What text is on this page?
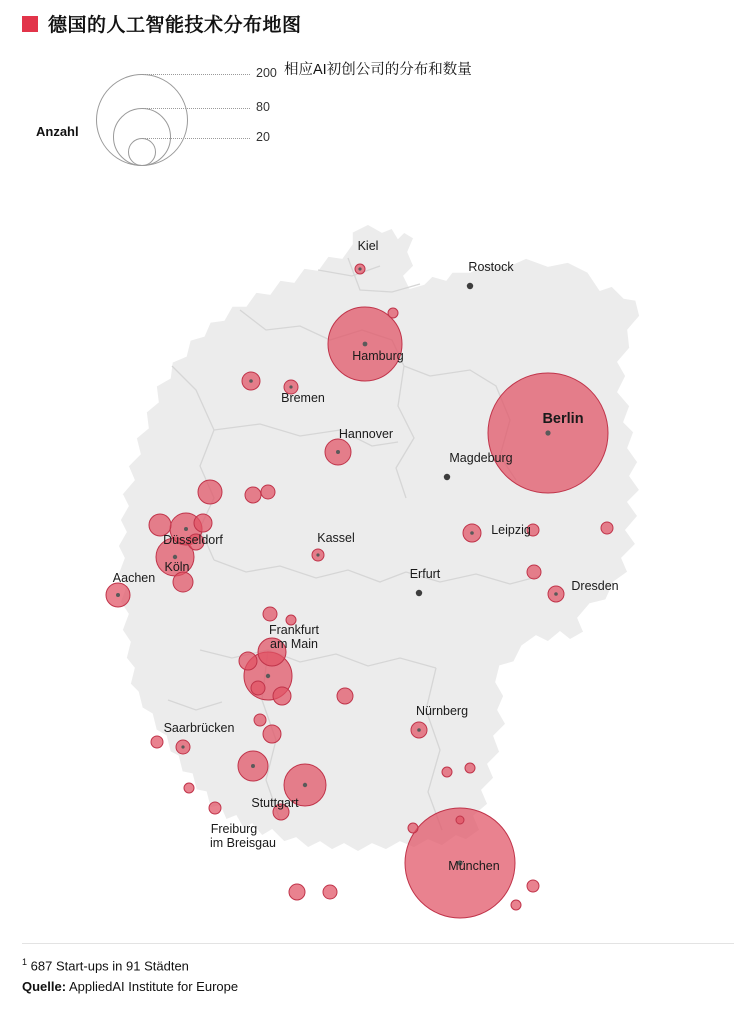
德国的人工智能技术分布地图
Anzahl
200
80
20
相应AI初创公司的分布和数量
Kiel
Rostock
Hamburg
Bremen
Berlin
Hannover
Magdeburg
Düsseldorf	Kassel
Leipzig
Köln	Erfurt
Aachen
Dresden
Frankfurt
am Main
Nürnberg
Saarbrücken
Stuttgart
Freiburg
im Breisgau
München
$^1$ 687 Start-ups in 91 Städten
Quelle: AppliedAI Institute for Europe
